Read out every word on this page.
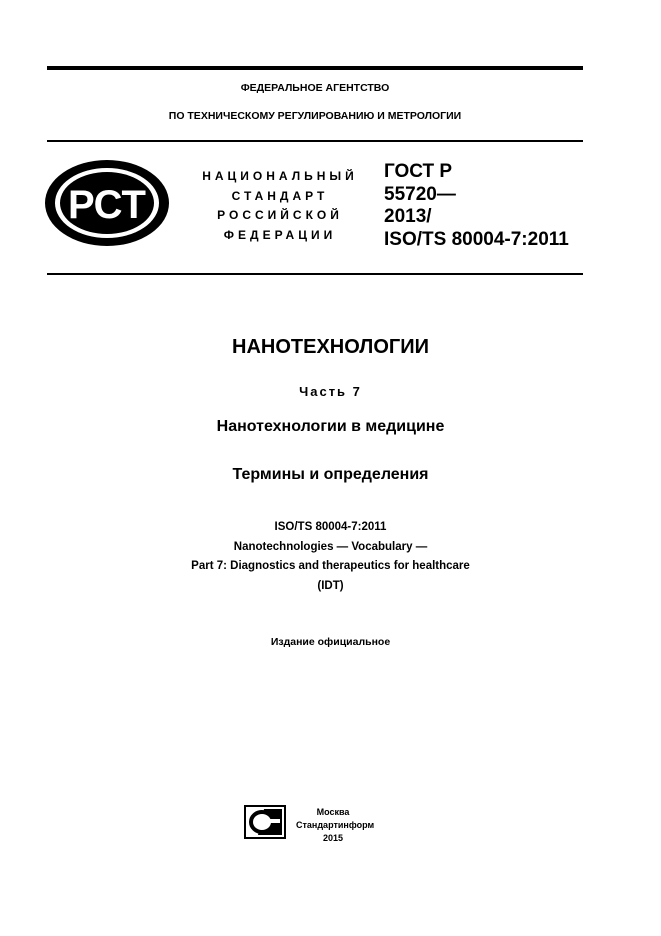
ФЕДЕРАЛЬНОЕ АГЕНТСТВО
ПО ТЕХНИЧЕСКОМУ РЕГУЛИРОВАНИЮ И МЕТРОЛОГИИ
РСТ
НАЦИОНАЛЬНЫЙ
СТАНДАРТ
РОССИЙСКОЙ
ФЕДЕРАЦИИ
ГОСТ Р
55720—
2013/
ISO/TS 80004-7:2011
НАНОТЕХНОЛОГИИ
Часть 7
Нанотехнологии в медицине
Термины и определения
ISO/TS 80004-7:2011
Nanotechnologies — Vocabulary —
Part 7: Diagnostics and therapeutics for healthcare
(IDT)
Издание официальное
Москва
Стандартинформ
2015
